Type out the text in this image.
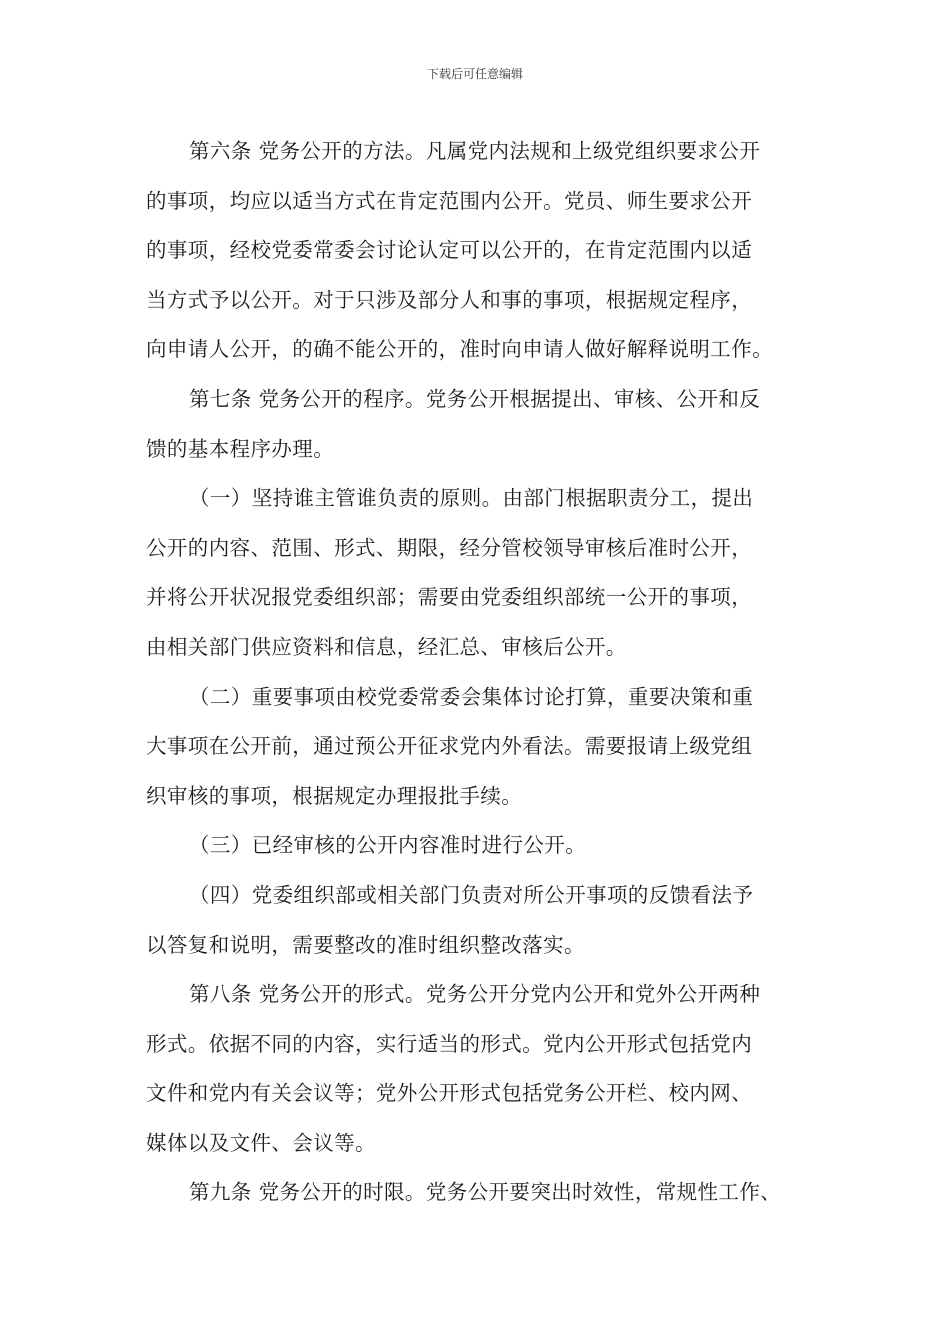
下载后可任意编辑
第六条 党务公开的方法。凡属党内法规和上级党组织要求公开
的事项，均应以适当方式在肯定范围内公开。党员、师生要求公开
的事项，经校党委常委会讨论认定可以公开的，在肯定范围内以适
当方式予以公开。对于只涉及部分人和事的事项，根据规定程序，
向申请人公开，的确不能公开的，准时向申请人做好解释说明工作。
第七条 党务公开的程序。党务公开根据提出、审核、公开和反
馈的基本程序办理。
（一）坚持谁主管谁负责的原则。由部门根据职责分工，提出
公开的内容、范围、形式、期限，经分管校领导审核后准时公开，
并将公开状况报党委组织部；需要由党委组织部统一公开的事项，
由相关部门供应资料和信息，经汇总、审核后公开。
（二）重要事项由校党委常委会集体讨论打算，重要决策和重
大事项在公开前，通过预公开征求党内外看法。需要报请上级党组
织审核的事项，根据规定办理报批手续。
（三）已经审核的公开内容准时进行公开。
（四）党委组织部或相关部门负责对所公开事项的反馈看法予
以答复和说明，需要整改的准时组织整改落实。
第八条 党务公开的形式。党务公开分党内公开和党外公开两种
形式。依据不同的内容，实行适当的形式。党内公开形式包括党内
文件和党内有关会议等；党外公开形式包括党务公开栏、校内网、
媒体以及文件、会议等。
第九条 党务公开的时限。党务公开要突出时效性，常规性工作、
